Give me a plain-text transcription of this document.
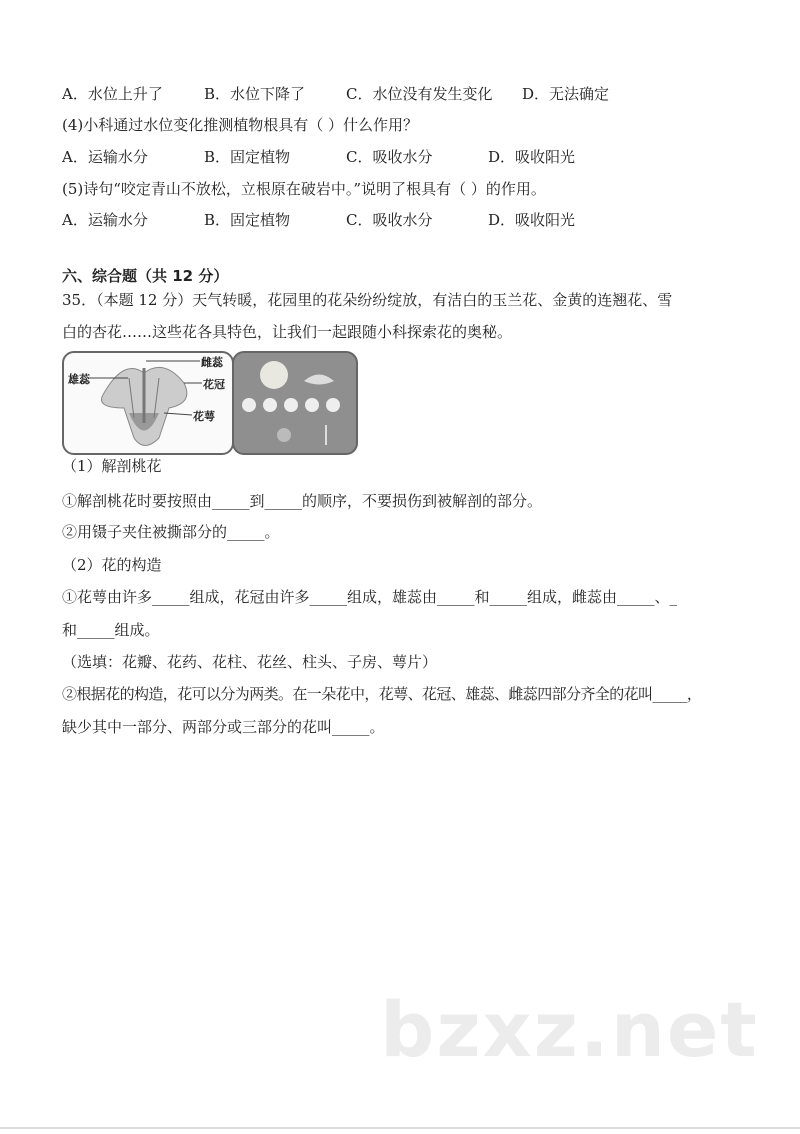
A．水位上升了	B．水位下降了	C．水位没有发生变化 D．无法确定
(4)小科通过水位变化推测植物根具有（ ）什么作用？
A．运输水分	B．固定植物	C．吸收水分	D．吸收阳光
(5)诗句“咬定青山不放松，立根原在破岩中。”说明了根具有（ ）的作用。
A．运输水分	B．固定植物	C．吸收水分	D．吸收阳光
六、综合题（共 12 分）
35．（本题 12 分）天气转暖，花园里的花朵纷纷绽放，有洁白的玉兰花、金黄的连翘花、雪
白的杏花……这些花各具特色，让我们一起跟随小科探索花的奥秘。
雄蕊
雌蕊
花冠
花萼
（1）解剖桃花
①解剖桃花时要按照由_____到_____的顺序，不要损伤到被解剖的部分。
②用镊子夹住被撕部分的_____。
（2）花的构造
①花萼由许多_____组成，花冠由许多_____组成，雄蕊由_____和_____组成，雌蕊由_____、_
和_____组成。
（选填：花瓣、花药、花柱、花丝、柱头、子房、萼片）
②根据花的构造，花可以分为两类。在一朵花中，花萼、花冠、雄蕊、雌蕊四部分齐全的花叫_____，
缺少其中一部分、两部分或三部分的花叫_____。
bzxz.net
